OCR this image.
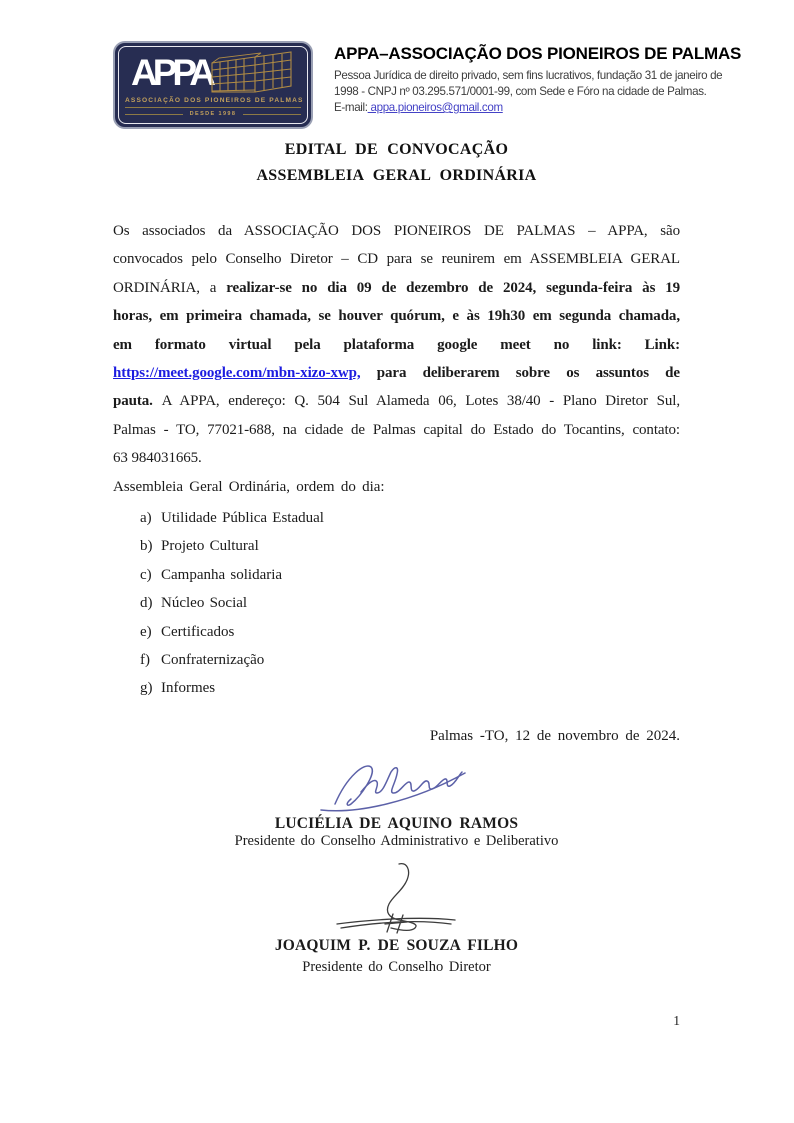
APPA
ASSOCIAÇÃO DOS PIONEIROS DE PALMAS
DESDE 1998
APPA–ASSOCIAÇÃO DOS PIONEIROS DE PALMAS
Pessoa Jurídica de direito privado, sem fins lucrativos, fundação 31 de janeiro de
1998 - CNPJ nº 03.295.571/0001-99, com Sede e Fóro na cidade de Palmas.
E-mail: appa.pioneiros@gmail.com
EDITAL DE CONVOCAÇÃO
ASSEMBLEIA GERAL ORDINÁRIA
Os associados da ASSOCIAÇÃO DOS PIONEIROS DE PALMAS – APPA, são
convocados pelo Conselho Diretor – CD para se reunirem em ASSEMBLEIA GERAL
ORDINÁRIA, a realizar-se no dia 09 de dezembro de 2024, segunda-feira às 19
horas, em primeira chamada, se houver quórum, e às 19h30 em segunda chamada,
em formato virtual pela plataforma google meet no link: Link:
https://meet.google.com/mbn-xizo-xwp, para deliberarem sobre os assuntos de
pauta. A APPA, endereço: Q. 504 Sul Alameda 06, Lotes 38/40 - Plano Diretor Sul,
Palmas - TO, 77021-688, na cidade de Palmas capital do Estado do Tocantins, contato:
63 984031665.
Assembleia Geral Ordinária, ordem do dia:
a) Utilidade Pública Estadual
b) Projeto Cultural
c) Campanha solidaria
d) Núcleo Social
e) Certificados
f) Confraternização
g) Informes
Palmas -TO, 12 de novembro de 2024.
LUCIÉLIA DE AQUINO RAMOS
Presidente do Conselho Administrativo e Deliberativo
JOAQUIM P. DE SOUZA FILHO
Presidente do Conselho Diretor
1
